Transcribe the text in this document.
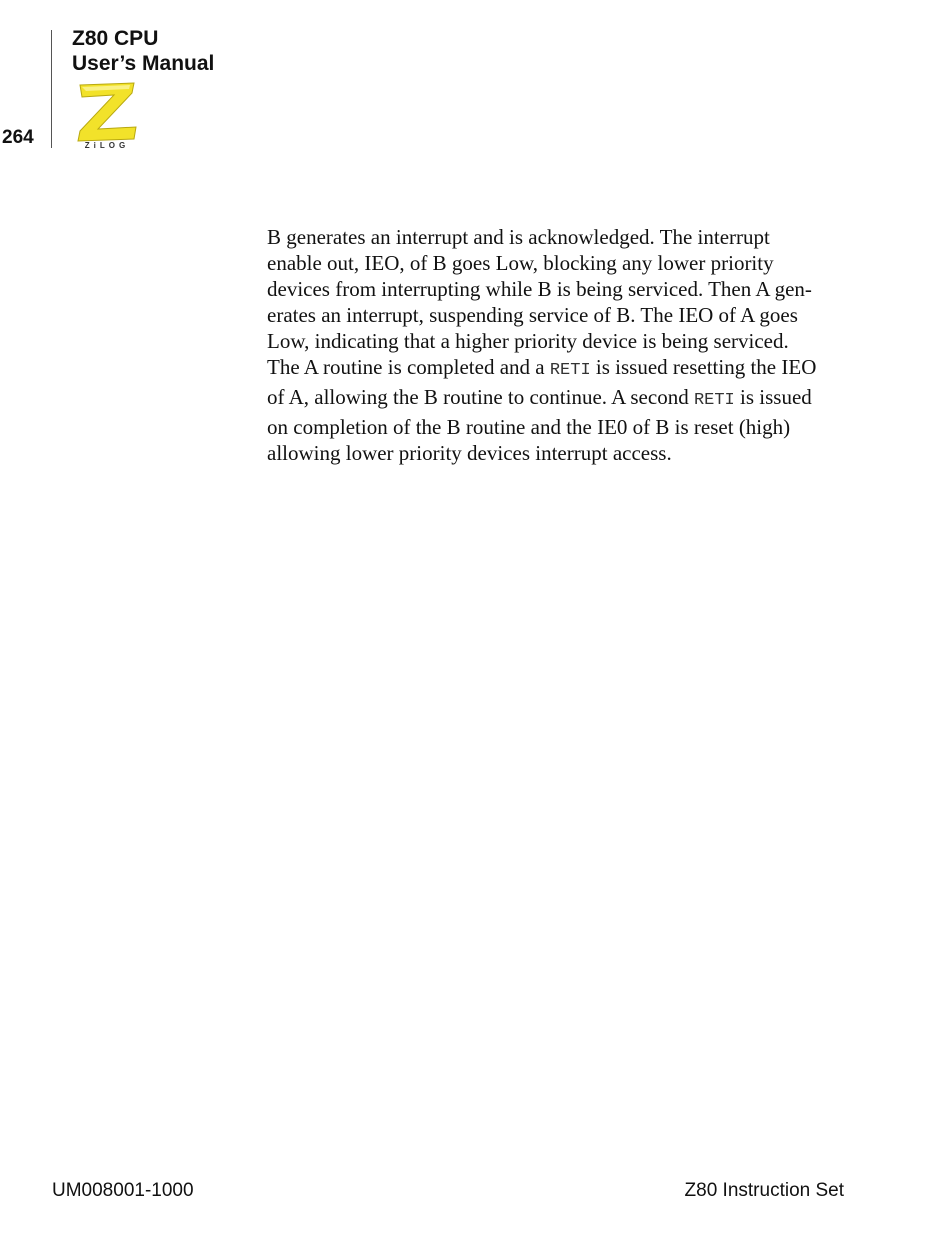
264
Z80 CPU
User’s Manual
ZiLOG
B generates an interrupt and is acknowledged. The interrupt
enable out, IEO, of B goes Low, blocking any lower priority
devices from interrupting while B is being serviced. Then A gen-
erates an interrupt, suspending service of B. The IEO of A goes
Low, indicating that a higher priority device is being serviced.
The A routine is completed and a RETI is issued resetting the IEO
of A, allowing the B routine to continue. A second RETI is issued
on completion of the B routine and the IE0 of B is reset (high)
allowing lower priority devices interrupt access.
UM008001-1000	Z80 Instruction Set
